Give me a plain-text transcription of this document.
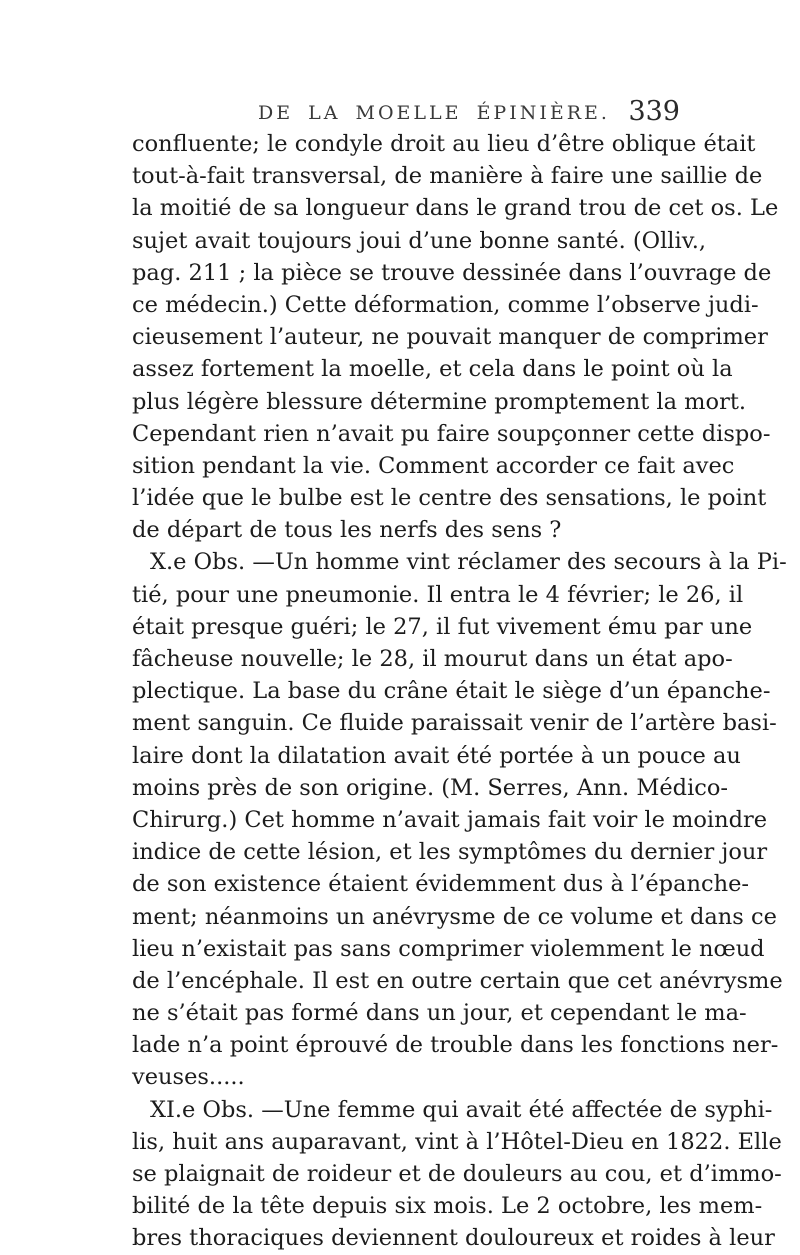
DE LA MOELLE ÉPINIÈRE. 339
confluente; le condyle droit au lieu d’être oblique était
tout-à-fait transversal, de manière à faire une saillie de
la moitié de sa longueur dans le grand trou de cet os. Le
sujet avait toujours joui d’une bonne santé. (Olliv.,
pag. 211 ; la pièce se trouve dessinée dans l’ouvrage de
ce médecin.) Cette déformation, comme l’observe judi-
cieusement l’auteur, ne pouvait manquer de comprimer
assez fortement la moelle, et cela dans le point où la
plus légère blessure détermine promptement la mort.
Cependant rien n’avait pu faire soupçonner cette dispo-
sition pendant la vie. Comment accorder ce fait avec
l’idée que le bulbe est le centre des sensations, le point
de départ de tous les nerfs des sens ?
X.e Obs. —Un homme vint réclamer des secours à la Pi-
tié, pour une pneumonie. Il entra le 4 février; le 26, il
était presque guéri; le 27, il fut vivement ému par une
fâcheuse nouvelle; le 28, il mourut dans un état apo-
plectique. La base du crâne était le siège d’un épanche-
ment sanguin. Ce fluide paraissait venir de l’artère basi-
laire dont la dilatation avait été portée à un pouce au
moins près de son origine. (M. Serres, Ann. Médico-
Chirurg.) Cet homme n’avait jamais fait voir le moindre
indice de cette lésion, et les symptômes du dernier jour
de son existence étaient évidemment dus à l’épanche-
ment; néanmoins un anévrysme de ce volume et dans ce
lieu n’existait pas sans comprimer violemment le nœud
de l’encéphale. Il est en outre certain que cet anévrysme
ne s’était pas formé dans un jour, et cependant le ma-
lade n’a point éprouvé de trouble dans les fonctions ner-
veuses.....
XI.e Obs. —Une femme qui avait été affectée de syphi-
lis, huit ans auparavant, vint à l’Hôtel-Dieu en 1822. Elle
se plaignait de roideur et de douleurs au cou, et d’immo-
bilité de la tête depuis six mois. Le 2 octobre, les mem-
bres thoraciques deviennent douloureux et roides à leur
